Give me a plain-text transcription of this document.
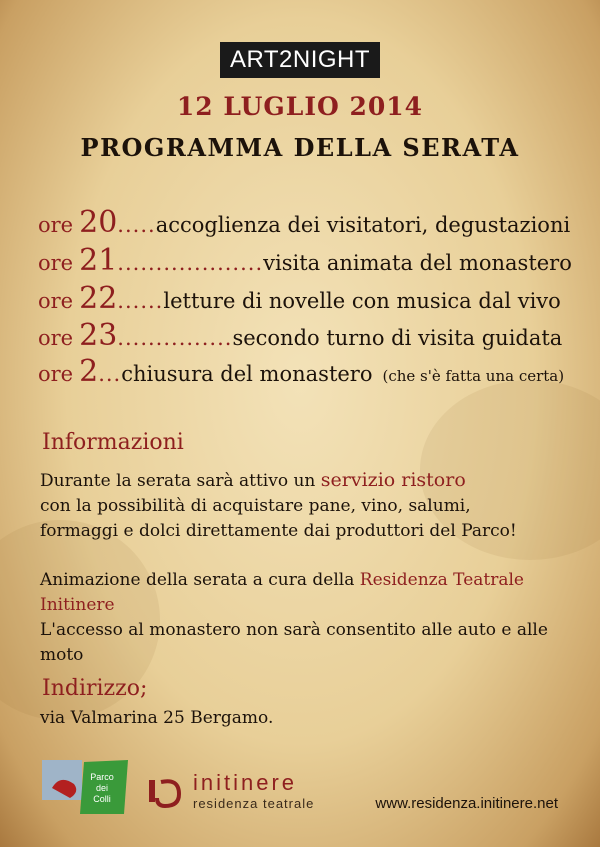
ART2NIGHT
12 LUGLIO 2014
PROGRAMMA DELLA SERATA
ore 20 ..... accoglienza dei visitatori, degustazioni
ore 21 ................... visita animata del monastero
ore 22 ...... letture di novelle con musica dal vivo
ore 23 ............... secondo turno di visita guidata
ore 2 ... chiusura del monastero (che s'è fatta una certa)
Informazioni
Durante la serata sarà attivo un servizio ristoro
con la possibilità di acquistare pane, vino, salumi,
formaggi e dolci direttamente dai produttori del Parco!
Animazione della serata a cura della Residenza Teatrale Initinere
L'accesso al monastero non sarà consentito alle auto e alle moto
Indirizzo;
via Valmarina 25 Bergamo.
Parco
dei
Colli
initinere
residenza teatrale	www.residenza.initinere.net
